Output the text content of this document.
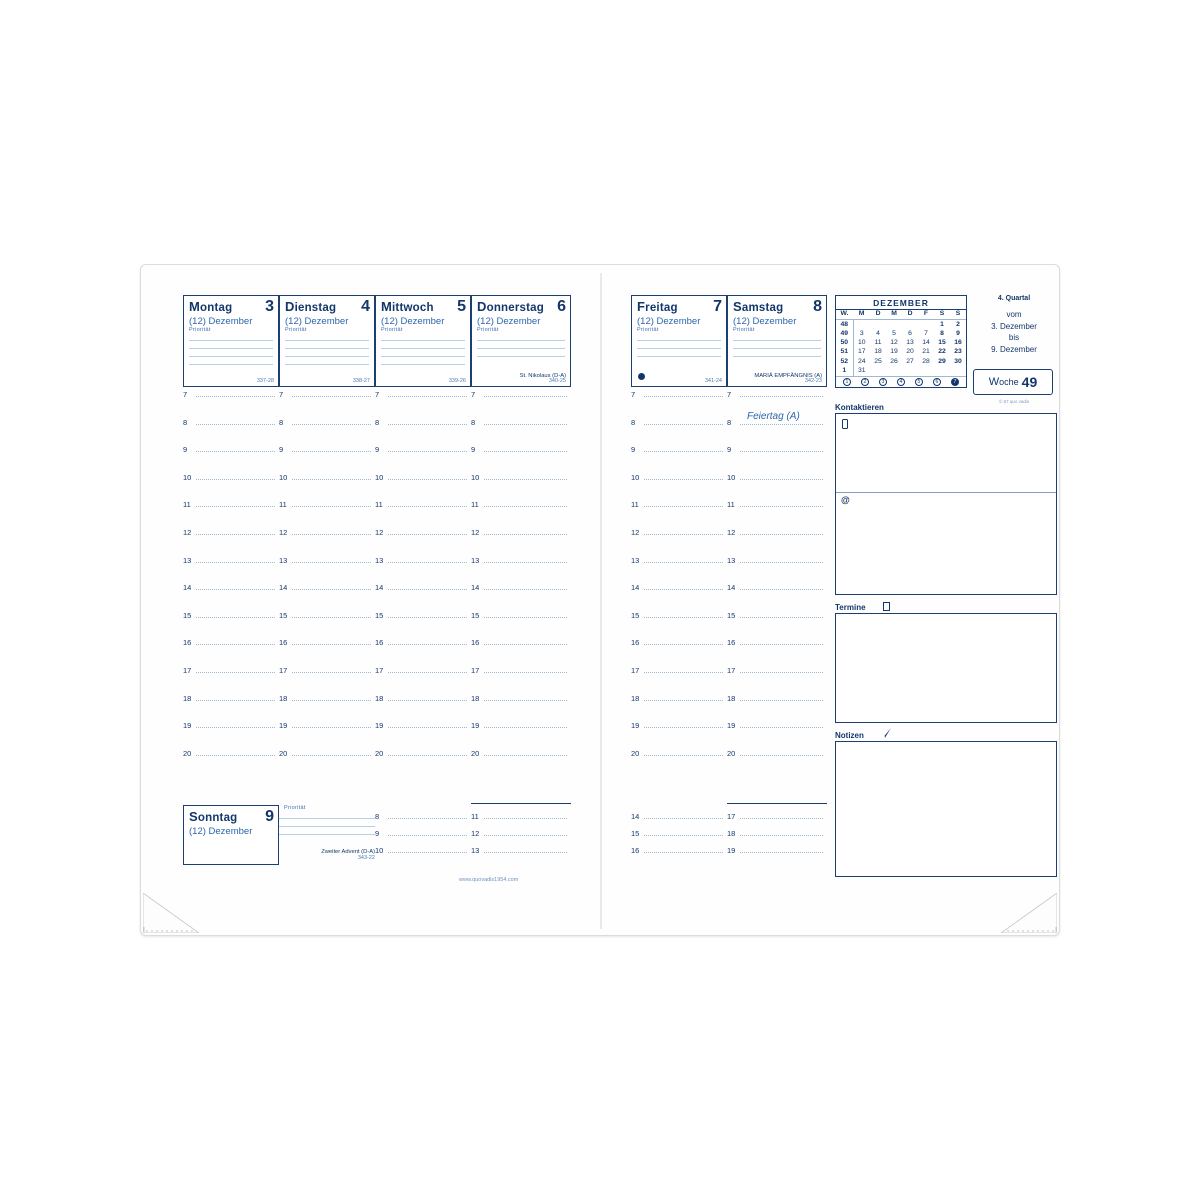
Montag 3
(12) Dezember
Priorität
337-28
Dienstag 4
(12) Dezember
Priorität
338-27
Mittwoch 5
(12) Dezember
Priorität
339-26
Donnerstag 6
(12) Dezember
Priorität
St. Nikolaus (D-A)
340-25
7
8
9
10
11
12
13
14
15
16
17
18
19
20
7
8
9
10
11
12
13
14
15
16
17
18
19
20
7
8
9
10
11
12
13
14
15
16
17
18
19
20
7
8
9
10
11
12
13
14
15
16
17
18
19
20
Sonntag 9
(12) Dezember
Priorität
Zweiter Advent (D-A)
343-22
8
9
10
11
12
13
www.quovadis1954.com
Freitag 7
(12) Dezember
Priorität
341-24
Samstag 8
(12) Dezember
Priorität
MARIÄ EMPFÄNGNIS (A)
342-23
7
8
9
10
11
12
13
14
15
16
17
18
19
20
7
8
9
10
11
12
13
14
15
16
17
18
19
20
Feiertag (A)
14
15
16
17
18
19
DEZEMBER
W.	M	D	M	D	F	S	S
48						1	2
49	3	4	5	6	7	8	9
50	10	11	12	13	14	15	16
51	17	18	19	20	21	22	23
52	24	25	26	27	28	29	30
1	31						
1	2	3	4	5	6	7
4. Quartal
vom
3. Dezember
bis
9. Dezember
Woche 49
© 67 quo vadis
Kontaktieren
@
Termine
Notizen
